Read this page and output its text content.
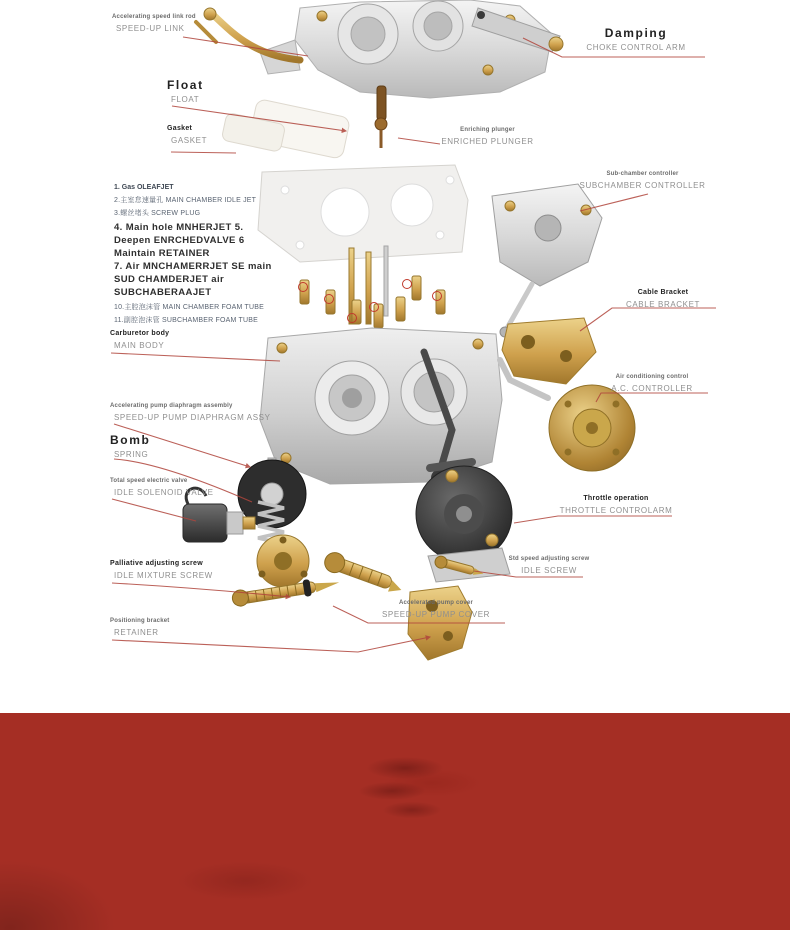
Accelerating speed link rod
SPEED-UP LINK	Damping
CHOKE CONTROL ARM
Float
FLOAT
Gasket
GASKET
Enriching plunger
ENRICHED PLUNGER
Sub-chamber controller
SUBCHAMBER CONTROLLER
Cable Bracket
CABLE BRACKET
Air conditioning control
A.C. CONTROLLER
Carburetor body
MAIN BODY
Accelerating pump diaphragm assembly
SPEED-UP PUMP DIAPHRAGM ASSY
Bomb
SPRING
Total speed electric valve
IDLE SOLENOID VALVE
Throttle operation
THROTTLE CONTROLARM
Std speed adjusting screw
IDLE SCREW
Palliative adjusting screw
IDLE MIXTURE SCREW
Accelerated pump cover
SPEED-UP PUMP COVER
Positioning bracket
RETAINER
1. Gas OLEAFJET
2.主室怠速量孔 MAIN CHAMBER IDLE JET
3.螺丝堵头 SCREW PLUG
4. Main hole MNHERJET 5.
Deepen ENRCHEDVALVE 6
Maintain RETAINER
7. Air MNCHAMERRJET SE main
SUD CHAMDERJET air
SUBCHABERAAJET
10.主腔泡沫管 MAIN CHAMBER FOAM TUBE
11.副腔泡沫管 SUBCHAMBER FOAM TUBE
